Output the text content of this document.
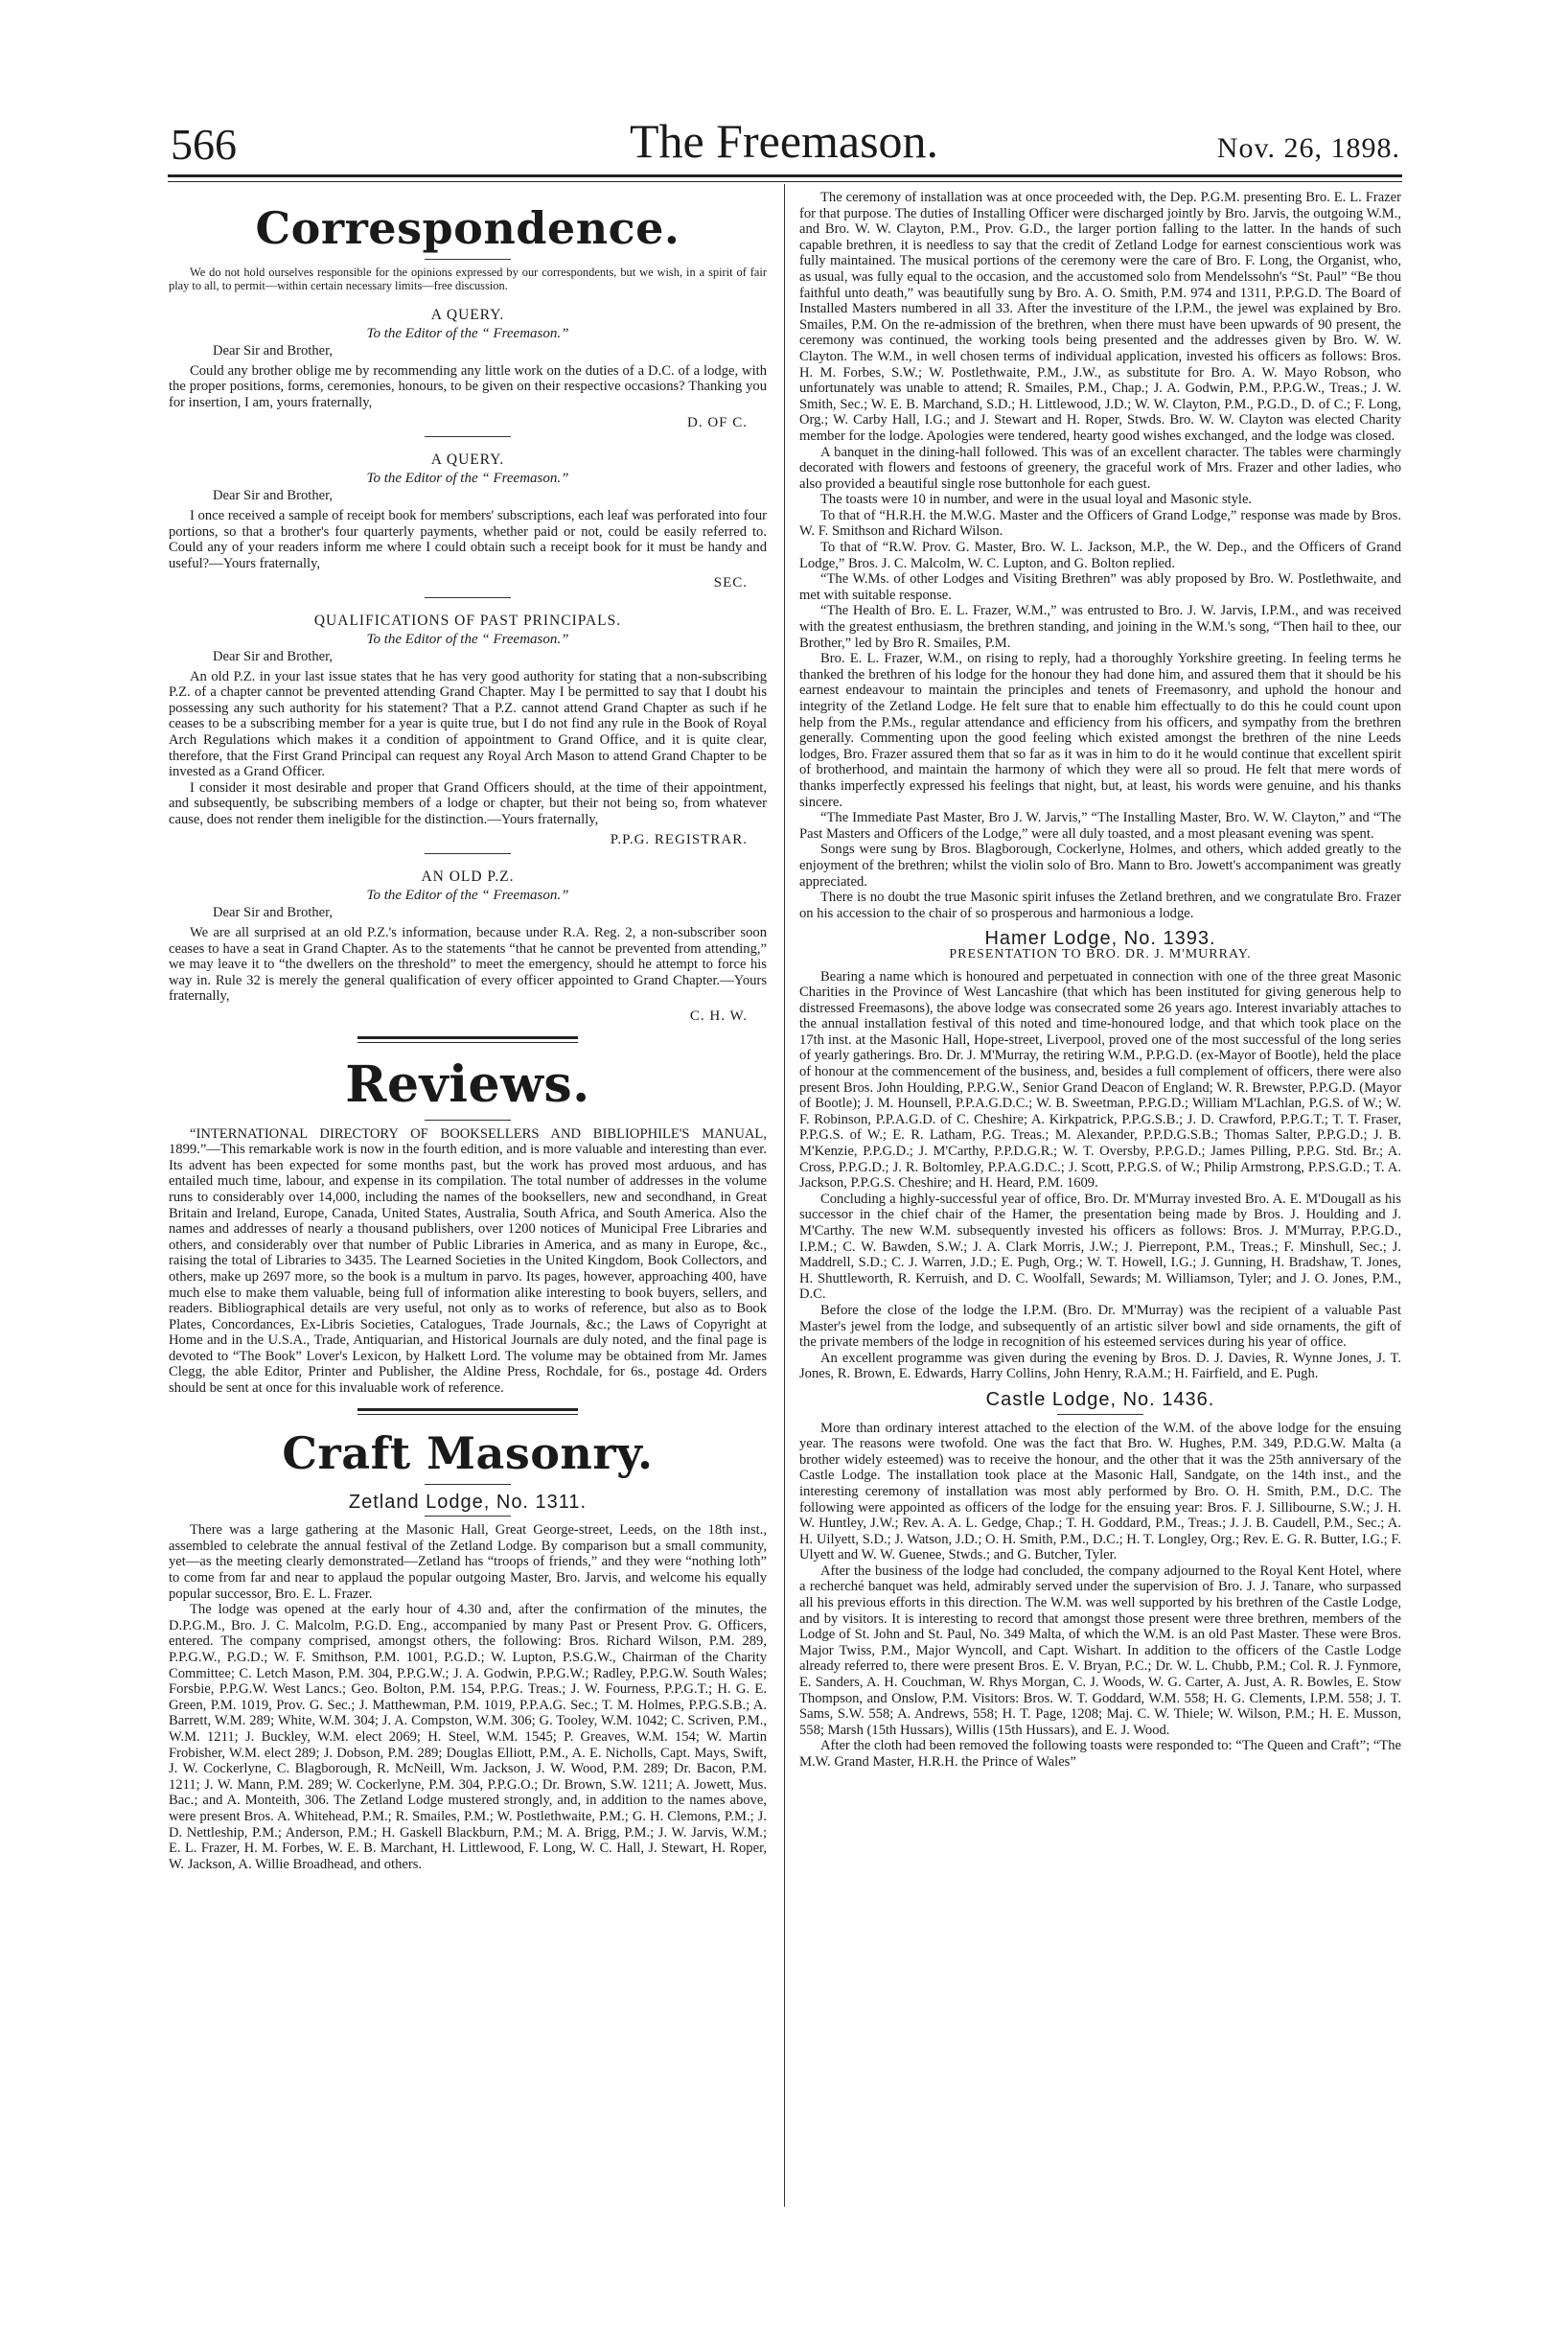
566	The Freemason.	Nov. 26, 1898.
Correspondence.

We do not hold ourselves responsible for the opinions expressed by our correspondents, but we wish, in a spirit of fair play to all, to permit—within certain necessary limits—free discussion.

A QUERY.
To the Editor of the “ Freemason.”

Dear Sir and Brother,

Could any brother oblige me by recommending any little work on the duties of a D.C. of a lodge, with the proper positions, forms, ceremonies, honours, to be given on their respective occasions? Thanking you for insertion, I am, yours fraternally,

D. OF C.
A QUERY.
To the Editor of the “ Freemason.”

Dear Sir and Brother,

I once received a sample of receipt book for members' subscriptions, each leaf was perforated into four portions, so that a brother's four quarterly payments, whether paid or not, could be easily referred to. Could any of your readers inform me where I could obtain such a receipt book for it must be handy and useful?—Yours fraternally,

SEC.
QUALIFICATIONS OF PAST PRINCIPALS.
To the Editor of the “ Freemason.”

Dear Sir and Brother,

An old P.Z. in your last issue states that he has very good authority for stating that a non-subscribing P.Z. of a chapter cannot be prevented attending Grand Chapter. May I be permitted to say that I doubt his possessing any such authority for his statement? That a P.Z. cannot attend Grand Chapter as such if he ceases to be a subscribing member for a year is quite true, but I do not find any rule in the Book of Royal Arch Regulations which makes it a condition of appointment to Grand Office, and it is quite clear, therefore, that the First Grand Principal can request any Royal Arch Mason to attend Grand Chapter to be invested as a Grand Officer.

I consider it most desirable and proper that Grand Officers should, at the time of their appointment, and subsequently, be subscribing members of a lodge or chapter, but their not being so, from whatever cause, does not render them ineligible for the distinction.—Yours fraternally,

P.P.G. REGISTRAR.
AN OLD P.Z.
To the Editor of the “ Freemason.”

Dear Sir and Brother,

We are all surprised at an old P.Z.'s information, because under R.A. Reg. 2, a non-subscriber soon ceases to have a seat in Grand Chapter. As to the statements “that he cannot be prevented from attending,” we may leave it to “the dwellers on the threshold” to meet the emergency, should he attempt to force his way in. Rule 32 is merely the general qualification of every officer appointed to Grand Chapter.—Yours fraternally,

C. H. W.
Reviews.

“INTERNATIONAL DIRECTORY OF BOOKSELLERS AND BIBLIOPHILE'S MANUAL, 1899.”—This remarkable work is now in the fourth edition, and is more valuable and interesting than ever. Its advent has been expected for some months past, but the work has proved most arduous, and has entailed much time, labour, and expense in its compilation. The total number of addresses in the volume runs to considerably over 14,000, including the names of the booksellers, new and secondhand, in Great Britain and Ireland, Europe, Canada, United States, Australia, South Africa, and South America. Also the names and addresses of nearly a thousand publishers, over 1200 notices of Municipal Free Libraries and others, and considerably over that number of Public Libraries in America, and as many in Europe, &c., raising the total of Libraries to 3435. The Learned Societies in the United Kingdom, Book Collectors, and others, make up 2697 more, so the book is a multum in parvo. Its pages, however, approaching 400, have much else to make them valuable, being full of information alike interesting to book buyers, sellers, and readers. Bibliographical details are very useful, not only as to works of reference, but also as to Book Plates, Concordances, Ex-Libris Societies, Catalogues, Trade Journals, &c.; the Laws of Copyright at Home and in the U.S.A., Trade, Antiquarian, and Historical Journals are duly noted, and the final page is devoted to “The Book” Lover's Lexicon, by Halkett Lord. The volume may be obtained from Mr. James Clegg, the able Editor, Printer and Publisher, the Aldine Press, Rochdale, for 6s., postage 4d. Orders should be sent at once for this invaluable work of reference.

Craft Masonry.
Zetland Lodge, No. 1311.

There was a large gathering at the Masonic Hall, Great George-street, Leeds, on the 18th inst., assembled to celebrate the annual festival of the Zetland Lodge. By comparison but a small community, yet—as the meeting clearly demonstrated—Zetland has “troops of friends,” and they were “nothing loth” to come from far and near to applaud the popular outgoing Master, Bro. Jarvis, and welcome his equally popular successor, Bro. E. L. Frazer.

The lodge was opened at the early hour of 4.30 and, after the confirmation of the minutes, the D.P.G.M., Bro. J. C. Malcolm, P.G.D. Eng., accompanied by many Past or Present Prov. G. Officers, entered. The company comprised, amongst others, the following: Bros. Richard Wilson, P.M. 289, P.P.G.W., P.G.D.; W. F. Smithson, P.M. 1001, P.G.D.; W. Lupton, P.S.G.W., Chairman of the Charity Committee; C. Letch Mason, P.M. 304, P.P.G.W.; J. A. Godwin, P.P.G.W.; Radley, P.P.G.W. South Wales; Forsbie, P.P.G.W. West Lancs.; Geo. Bolton, P.M. 154, P.P.G. Treas.; J. W. Fourness, P.P.G.T.; H. G. E. Green, P.M. 1019, Prov. G. Sec.; J. Matthewman, P.M. 1019, P.P.A.G. Sec.; T. M. Holmes, P.P.G.S.B.; A. Barrett, W.M. 289; White, W.M. 304; J. A. Compston, W.M. 306; G. Tooley, W.M. 1042; C. Scriven, P.M., W.M. 1211; J. Buckley, W.M. elect 2069; H. Steel, W.M. 1545; P. Greaves, W.M. 154; W. Martin Frobisher, W.M. elect 289; J. Dobson, P.M. 289; Douglas Elliott, P.M., A. E. Nicholls, Capt. Mays, Swift, J. W. Cockerlyne, C. Blagborough, R. McNeill, Wm. Jackson, J. W. Wood, P.M. 289; Dr. Bacon, P.M. 1211; J. W. Mann, P.M. 289; W. Cockerlyne, P.M. 304, P.P.G.O.; Dr. Brown, S.W. 1211; A. Jowett, Mus. Bac.; and A. Monteith, 306. The Zetland Lodge mustered strongly, and, in addition to the names above, were present Bros. A. Whitehead, P.M.; R. Smailes, P.M.; W. Postlethwaite, P.M.; G. H. Clemons, P.M.; J. D. Nettleship, P.M.; Anderson, P.M.; H. Gaskell Blackburn, P.M.; M. A. Brigg, P.M.; J. W. Jarvis, W.M.; E. L. Frazer, H. M. Forbes, W. E. B. Marchant, H. Littlewood, F. Long, W. C. Hall, J. Stewart, H. Roper, W. Jackson, A. Willie Broadhead, and others.

The ceremony of installation was at once proceeded with, the Dep. P.G.M. presenting Bro. E. L. Frazer for that purpose. The duties of Installing Officer were discharged jointly by Bro. Jarvis, the outgoing W.M., and Bro. W. W. Clayton, P.M., Prov. G.D., the larger portion falling to the latter. In the hands of such capable brethren, it is needless to say that the credit of Zetland Lodge for earnest conscientious work was fully maintained. The musical portions of the ceremony were the care of Bro. F. Long, the Organist, who, as usual, was fully equal to the occasion, and the accustomed solo from Mendelssohn's “St. Paul” “Be thou faithful unto death,” was beautifully sung by Bro. A. O. Smith, P.M. 974 and 1311, P.P.G.D. The Board of Installed Masters numbered in all 33. After the investiture of the I.P.M., the jewel was explained by Bro. Smailes, P.M. On the re-admission of the brethren, when there must have been upwards of 90 present, the ceremony was continued, the working tools being presented and the addresses given by Bro. W. W. Clayton. The W.M., in well chosen terms of individual application, invested his officers as follows: Bros. H. M. Forbes, S.W.; W. Postlethwaite, P.M., J.W., as substitute for Bro. A. W. Mayo Robson, who unfortunately was unable to attend; R. Smailes, P.M., Chap.; J. A. Godwin, P.M., P.P.G.W., Treas.; J. W. Smith, Sec.; W. E. B. Marchand, S.D.; H. Littlewood, J.D.; W. W. Clayton, P.M., P.G.D., D. of C.; F. Long, Org.; W. Carby Hall, I.G.; and J. Stewart and H. Roper, Stwds. Bro. W. W. Clayton was elected Charity member for the lodge. Apologies were tendered, hearty good wishes exchanged, and the lodge was closed.

A banquet in the dining-hall followed. This was of an excellent character. The tables were charmingly decorated with flowers and festoons of greenery, the graceful work of Mrs. Frazer and other ladies, who also provided a beautiful single rose buttonhole for each guest.

The toasts were 10 in number, and were in the usual loyal and Masonic style.

To that of “H.R.H. the M.W.G. Master and the Officers of Grand Lodge,” response was made by Bros. W. F. Smithson and Richard Wilson.

To that of “R.W. Prov. G. Master, Bro. W. L. Jackson, M.P., the W. Dep., and the Officers of Grand Lodge,” Bros. J. C. Malcolm, W. C. Lupton, and G. Bolton replied.

“The W.Ms. of other Lodges and Visiting Brethren” was ably proposed by Bro. W. Postlethwaite, and met with suitable response.

“The Health of Bro. E. L. Frazer, W.M.,” was entrusted to Bro. J. W. Jarvis, I.P.M., and was received with the greatest enthusiasm, the brethren standing, and joining in the W.M.'s song, “Then hail to thee, our Brother,” led by Bro R. Smailes, P.M.

Bro. E. L. Frazer, W.M., on rising to reply, had a thoroughly Yorkshire greeting. In feeling terms he thanked the brethren of his lodge for the honour they had done him, and assured them that it should be his earnest endeavour to maintain the principles and tenets of Freemasonry, and uphold the honour and integrity of the Zetland Lodge. He felt sure that to enable him effectually to do this he could count upon help from the P.Ms., regular attendance and efficiency from his officers, and sympathy from the brethren generally. Commenting upon the good feeling which existed amongst the brethren of the nine Leeds lodges, Bro. Frazer assured them that so far as it was in him to do it he would continue that excellent spirit of brotherhood, and maintain the harmony of which they were all so proud. He felt that mere words of thanks imperfectly expressed his feelings that night, but, at least, his words were genuine, and his thanks sincere.

“The Immediate Past Master, Bro J. W. Jarvis,” “The Installing Master, Bro. W. W. Clayton,” and “The Past Masters and Officers of the Lodge,” were all duly toasted, and a most pleasant evening was spent.

Songs were sung by Bros. Blagborough, Cockerlyne, Holmes, and others, which added greatly to the enjoyment of the brethren; whilst the violin solo of Bro. Mann to Bro. Jowett's accompaniment was greatly appreciated.

There is no doubt the true Masonic spirit infuses the Zetland brethren, and we congratulate Bro. Frazer on his accession to the chair of so prosperous and harmonious a lodge.

Hamer Lodge, No. 1393.
PRESENTATION TO BRO. DR. J. M'MURRAY.

Bearing a name which is honoured and perpetuated in connection with one of the three great Masonic Charities in the Province of West Lancashire (that which has been instituted for giving generous help to distressed Freemasons), the above lodge was consecrated some 26 years ago. Interest invariably attaches to the annual installation festival of this noted and time-honoured lodge, and that which took place on the 17th inst. at the Masonic Hall, Hope-street, Liverpool, proved one of the most successful of the long series of yearly gatherings. Bro. Dr. J. M'Murray, the retiring W.M., P.P.G.D. (ex-Mayor of Bootle), held the place of honour at the commencement of the business, and, besides a full complement of officers, there were also present Bros. John Houlding, P.P.G.W., Senior Grand Deacon of England; W. R. Brewster, P.P.G.D. (Mayor of Bootle); J. M. Hounsell, P.P.A.G.D.C.; W. B. Sweetman, P.P.G.D.; William M'Lachlan, P.G.S. of W.; W. F. Robinson, P.P.A.G.D. of C. Cheshire; A. Kirkpatrick, P.P.G.S.B.; J. D. Crawford, P.P.G.T.; T. T. Fraser, P.P.G.S. of W.; E. R. Latham, P.G. Treas.; M. Alexander, P.P.D.G.S.B.; Thomas Salter, P.P.G.D.; J. B. M'Kenzie, P.P.G.D.; J. M'Carthy, P.P.D.G.R.; W. T. Oversby, P.P.G.D.; James Pilling, P.P.G. Std. Br.; A. Cross, P.P.G.D.; J. R. Boltomley, P.P.A.G.D.C.; J. Scott, P.P.G.S. of W.; Philip Armstrong, P.P.S.G.D.; T. A. Jackson, P.P.G.S. Cheshire; and H. Heard, P.M. 1609.

Concluding a highly-successful year of office, Bro. Dr. M'Murray invested Bro. A. E. M'Dougall as his successor in the chief chair of the Hamer, the presentation being made by Bros. J. Houlding and J. M'Carthy. The new W.M. subsequently invested his officers as follows: Bros. J. M'Murray, P.P.G.D., I.P.M.; C. W. Bawden, S.W.; J. A. Clark Morris, J.W.; J. Pierrepont, P.M., Treas.; F. Minshull, Sec.; J. Maddrell, S.D.; C. J. Warren, J.D.; E. Pugh, Org.; W. T. Howell, I.G.; J. Gunning, H. Bradshaw, T. Jones, H. Shuttleworth, R. Kerruish, and D. C. Woolfall, Sewards; M. Williamson, Tyler; and J. O. Jones, P.M., D.C.

Before the close of the lodge the I.P.M. (Bro. Dr. M'Murray) was the recipient of a valuable Past Master's jewel from the lodge, and subsequently of an artistic silver bowl and side ornaments, the gift of the private members of the lodge in recognition of his esteemed services during his year of office.

An excellent programme was given during the evening by Bros. D. J. Davies, R. Wynne Jones, J. T. Jones, R. Brown, E. Edwards, Harry Collins, John Henry, R.A.M.; H. Fairfield, and E. Pugh.

Castle Lodge, No. 1436.

More than ordinary interest attached to the election of the W.M. of the above lodge for the ensuing year. The reasons were twofold. One was the fact that Bro. W. Hughes, P.M. 349, P.D.G.W. Malta (a brother widely esteemed) was to receive the honour, and the other that it was the 25th anniversary of the Castle Lodge. The installation took place at the Masonic Hall, Sandgate, on the 14th inst., and the interesting ceremony of installation was most ably performed by Bro. O. H. Smith, P.M., D.C. The following were appointed as officers of the lodge for the ensuing year: Bros. F. J. Sillibourne, S.W.; J. H. W. Huntley, J.W.; Rev. A. A. L. Gedge, Chap.; T. H. Goddard, P.M., Treas.; J. J. B. Caudell, P.M., Sec.; A. H. Uilyett, S.D.; J. Watson, J.D.; O. H. Smith, P.M., D.C.; H. T. Longley, Org.; Rev. E. G. R. Butter, I.G.; F. Ulyett and W. W. Guenee, Stwds.; and G. Butcher, Tyler.

After the business of the lodge had concluded, the company adjourned to the Royal Kent Hotel, where a recherché banquet was held, admirably served under the supervision of Bro. J. J. Tanare, who surpassed all his previous efforts in this direction. The W.M. was well supported by his brethren of the Castle Lodge, and by visitors. It is interesting to record that amongst those present were three brethren, members of the Lodge of St. John and St. Paul, No. 349 Malta, of which the W.M. is an old Past Master. These were Bros. Major Twiss, P.M., Major Wyncoll, and Capt. Wishart. In addition to the officers of the Castle Lodge already referred to, there were present Bros. E. V. Bryan, P.C.; Dr. W. L. Chubb, P.M.; Col. R. J. Fynmore, E. Sanders, A. H. Couchman, W. Rhys Morgan, C. J. Woods, W. G. Carter, A. Just, A. R. Bowles, E. Stow Thompson, and Onslow, P.M. Visitors: Bros. W. T. Goddard, W.M. 558; H. G. Clements, I.P.M. 558; J. T. Sams, S.W. 558; A. Andrews, 558; H. T. Page, 1208; Maj. C. W. Thiele; W. Wilson, P.M.; H. E. Musson, 558; Marsh (15th Hussars), Willis (15th Hussars), and E. J. Wood.

After the cloth had been removed the following toasts were responded to: “The Queen and Craft”; “The M.W. Grand Master, H.R.H. the Prince of Wales”
